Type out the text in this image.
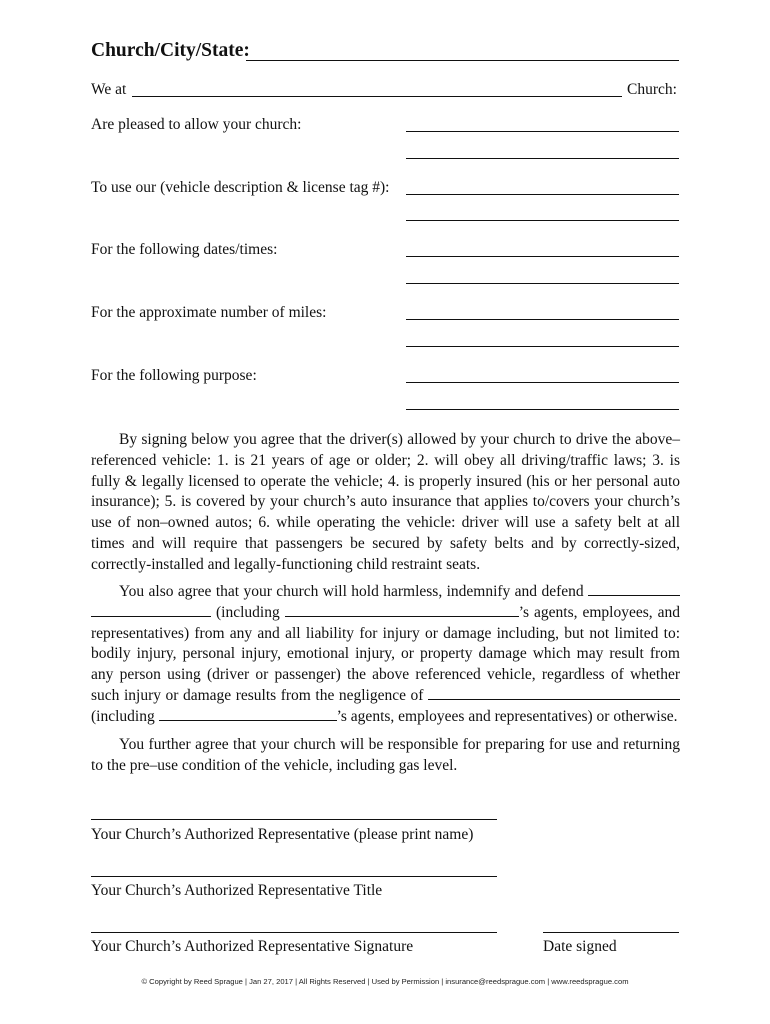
Church/City/State:
We at	Church:
Are pleased to allow your church:
To use our (vehicle description & license tag #):
For the following dates/times:
For the approximate number of miles:
For the following purpose:

By signing below you agree that the driver(s) allowed by your church to drive the above–referenced vehicle: 1. is 21 years of age or older; 2. will obey all driving/traffic laws; 3. is fully & legally licensed to operate the vehicle; 4. is properly insured (his or her personal auto insurance); 5. is covered by your church’s auto insurance that applies to/covers your church’s use of non–owned autos; 6. while operating the vehicle: driver will use a safety belt at all times and will require that passengers be secured by safety belts and by correctly-sized, correctly-installed and legally-functioning child restraint seats.

You also agree that your church will hold harmless, indemnify and defend   (including	’s agents, employees, and representatives) from any and all liability for injury or damage including, but not limited to: bodily injury, personal injury, emotional injury, or property damage which may result from any person using (driver or passenger) the above referenced vehicle, regardless of whether such injury or damage results from the negligence of  (including	’s agents, employees and representatives) or otherwise.

You further agree that your church will be responsible for preparing for use and returning to the pre–use condition of the vehicle, including gas level.

Your Church’s Authorized Representative (please print name)
Your Church’s Authorized Representative Title
Your Church’s Authorized Representative Signature	Date signed
© Copyright by Reed Sprague | Jan 27, 2017 | All Rights Reserved | Used by Permission | insurance@reedsprague.com | www.reedsprague.com
